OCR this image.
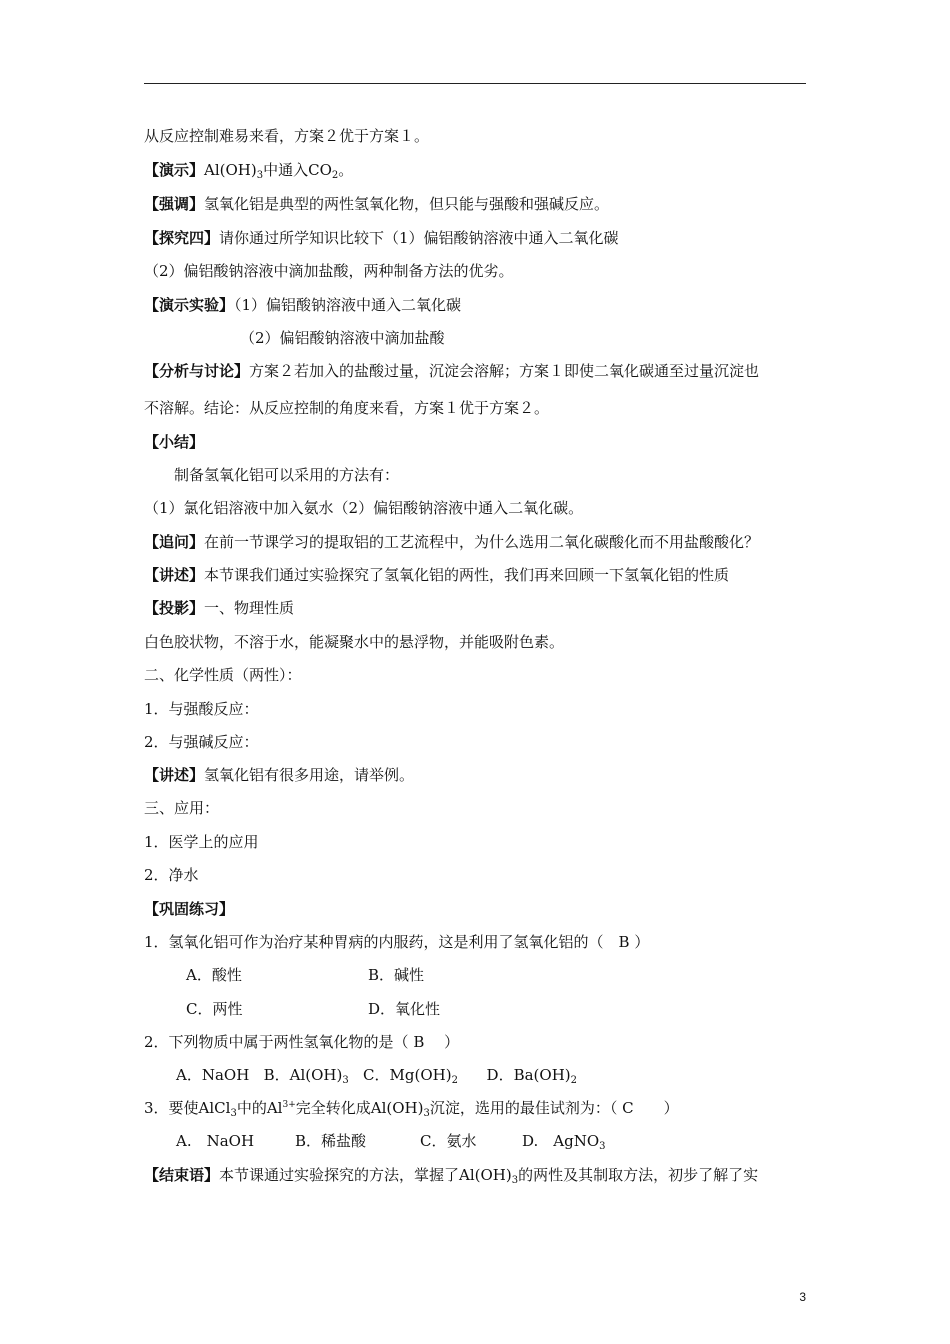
从反应控制难易来看，方案２优于方案１。
【演示】$Al(OH)_3$中通入$CO_2$。
【强调】氢氧化铝是典型的两性氢氧化物，但只能与强酸和强碱反应。
【探究四】请你通过所学知识比较下（1）偏铝酸钠溶液中通入二氧化碳
（2）偏铝酸钠溶液中滴加盐酸，两种制备方法的优劣。
【演示实验】（1）偏铝酸钠溶液中通入二氧化碳
（2）偏铝酸钠溶液中滴加盐酸
【分析与讨论】方案２若加入的盐酸过量，沉淀会溶解；方案１即使二氧化碳通至过量沉淀也
不溶解。结论：从反应控制的角度来看，方案１优于方案２。
【小结】
制备氢氧化铝可以采用的方法有：
（1）氯化铝溶液中加入氨水（2）偏铝酸钠溶液中通入二氧化碳。
【追问】在前一节课学习的提取铝的工艺流程中，为什么选用二氧化碳酸化而不用盐酸酸化？
【讲述】本节课我们通过实验探究了氢氧化铝的两性，我们再来回顾一下氢氧化铝的性质
【投影】一、物理性质
白色胶状物，不溶于水，能凝聚水中的悬浮物，并能吸附色素。
二、化学性质（两性）：
1．与强酸反应：
2．与强碱反应：
【讲述】氢氧化铝有很多用途，请举例。
三、应用：
1．医学上的应用
2．净水
【巩固练习】
1．氢氧化铝可作为治疗某种胃病的内服药，这是利用了氢氧化铝的（　B ）
A．酸性	B．碱性
C．两性	D．氧化性
2．下列物质中属于两性氢氧化物的是（ B　 ）
A．NaOH B．$Al(OH)_3$ C．$Mg(OH)_2$ D．$Ba(OH)_2$
3．要使AlCl$_3$中的$Al^{3+}$完全转化成$Al(OH)_3$沉淀，选用的最佳试剂为：（ C　　）
A.　NaOH	B．稀盐酸	C．氨水	D.　AgNO$_3$
【结束语】本节课通过实验探究的方法，掌握了$Al(OH)_3$的两性及其制取方法，初步了解了实
3
